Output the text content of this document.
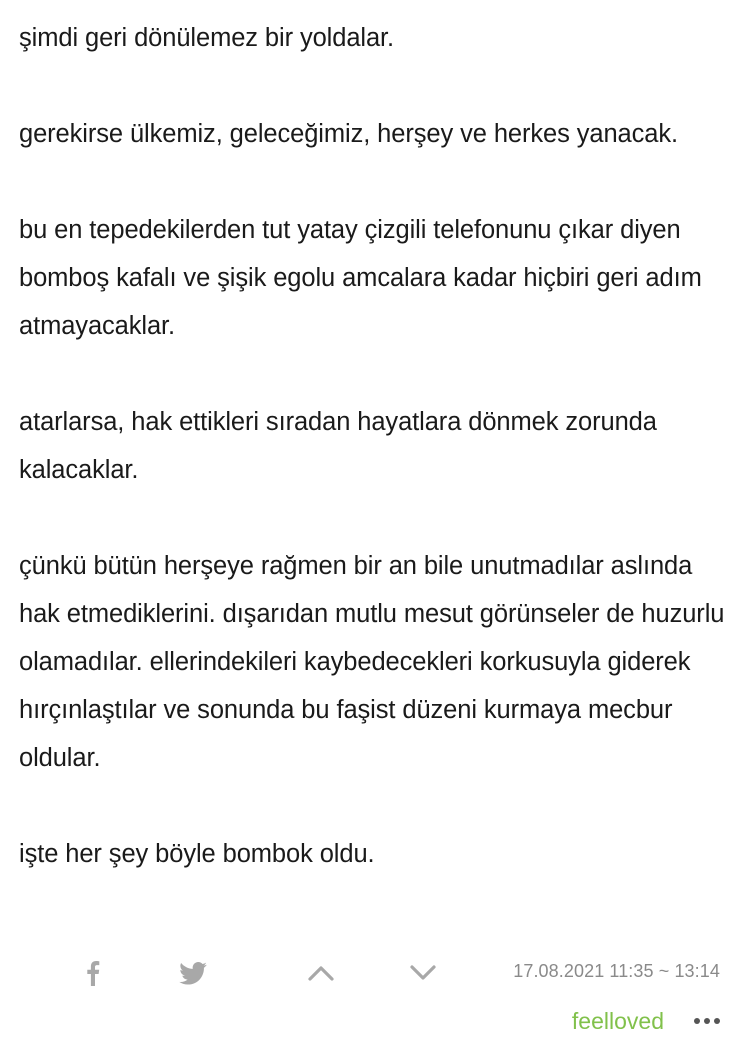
şimdi geri dönülemez bir yoldalar.

gerekirse ülkemiz, geleceğimiz, herşey ve herkes yanacak.

bu en tepedekilerden tut yatay çizgili telefonunu çıkar diyen bomboş kafalı ve şişik egolu amcalara kadar hiçbiri geri adım atmayacaklar.

atarlarsa, hak ettikleri sıradan hayatlara dönmek zorunda kalacaklar.

çünkü bütün herşeye rağmen bir an bile unutmadılar aslında hak etmediklerini. dışarıdan mutlu mesut görünseler de huzurlu olamadılar. ellerindekileri kaybedecekleri korkusuyla giderek hırçınlaştılar ve sonunda bu faşist düzeni kurmaya mecbur oldular.

işte her şey böyle bombok oldu.

17.08.2021 11:35 ~ 13:14
feelloved
